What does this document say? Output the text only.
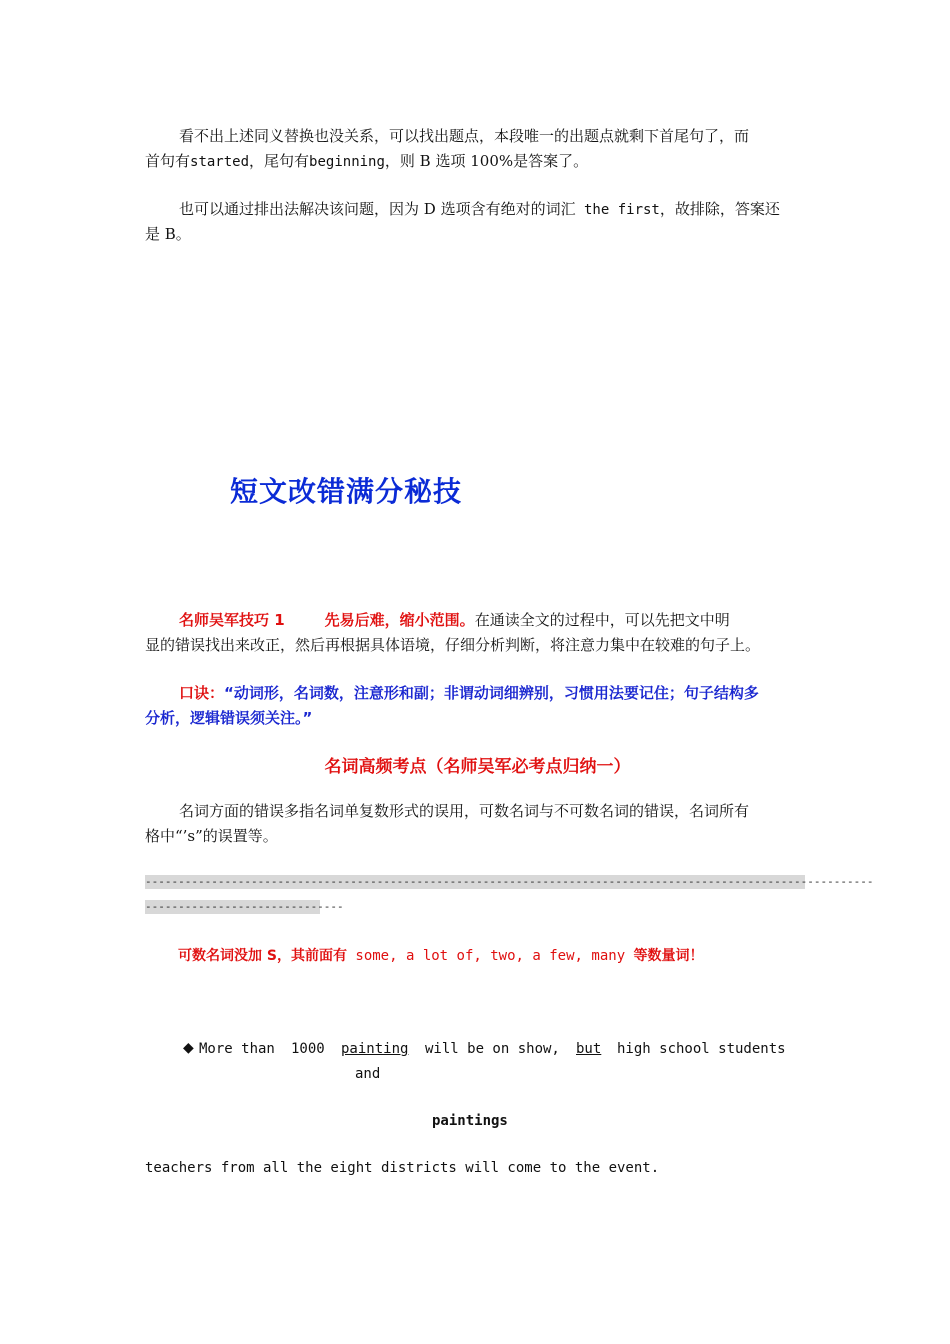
看不出上述同义替换也没关系，可以找出题点，本段唯一的出题点就剩下首尾句了，而
首句有started，尾句有beginning，则 B 选项 100%是答案了。
也可以通过排出法解决该问题，因为 D 选项含有绝对的词汇 the first，故排除，答案还
是 B。
短文改错满分秘技
名师吴军技巧 1	先易后难，缩小范围。在通读全文的过程中，可以先把文中明
显的错误找出来改正，然后再根据具体语境，仔细分析判断，将注意力集中在较难的句子上。
口诀：“动词形，名词数，注意形和副；非谓动词细辨别，习惯用法要记住；句子结构多
分析，逻辑错误须关注。”
名词高频考点（名师吴军必考点归纳一）
名词方面的错误多指名词单复数形式的误用，可数名词与不可数名词的错误，名词所有
格中“’s”的误置等。
--------------------------------------------------------------------------------------------------------------
------------------------------
可数名词没加 S，其前面有 some, a lot of, two, a few, many 等数量词！

◆

More than

1000

painting

will be on show,

but

high school students

and
paintings
teachers from all the eight districts will come to the event.
